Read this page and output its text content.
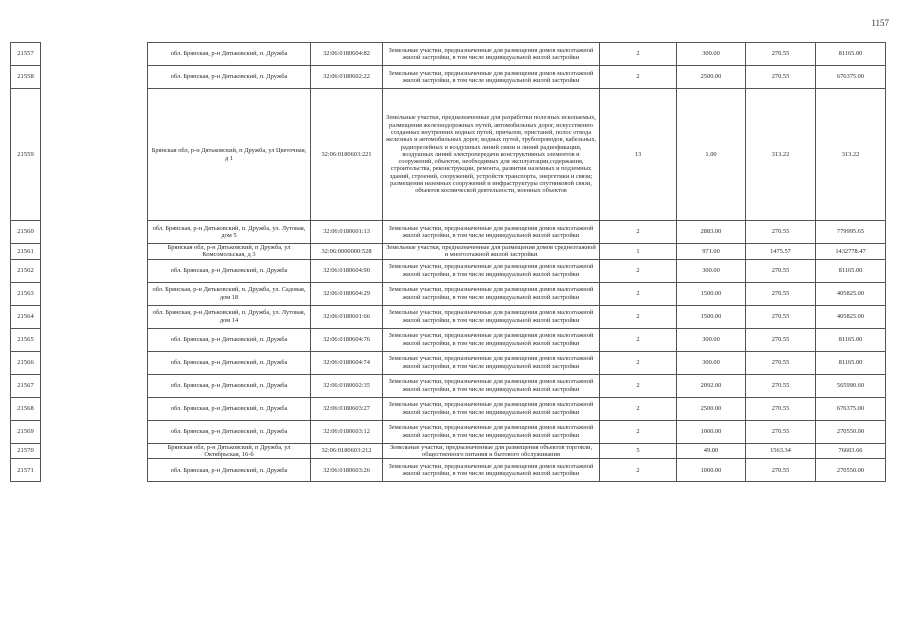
1157
21557		обл. Брянская, р-н Дятьковский, п. Дружба	32:06:0180604:82	Земельные участки, предназначенные для размещения домов малоэтажной жилой застройки, в том числе индивидуальной жилой застройки	2	300.00	270.55	81165.00
21558		обл. Брянская, р-н Дятьковский, п. Дружба	32:06:0180602:22	Земельные участки, предназначенные для размещения домов малоэтажной жилой застройки, в том числе индивидуальной жилой застройки	2	2500.00	270.55	676375.00
21559		Брянская обл, р-н Дятьковский, п Дружба, ул Цветочная, д 1	32:06:0180603:221	Земельные участки, предназначенные для разработки полезных ископаемых, размещения железнодорожных путей, автомобильных дорог, искусственно созданных внутренних водных путей, причалов, пристаней, полос отвода железных и автомобильных дорог, водных путей, трубопроводов, кабельных, радиорелейных и воздушных линий связи и линий радиофикации, воздушных линий электропередачи конструктивных элементов и сооружений, объектов, необходимых для эксплуатации,содержания, строительства, реконструкции, ремонта, развития наземных и подземных зданий, строений, сооружений, устройств транспорта, энергетики и связи; размещения наземных сооружений и инфраструктуры спутниковой связи, объектов космической деятельности, военных объектов	13	1.00	313.22	313.22
21560		обл. Брянская, р-н Дятьковский, п. Дружба, ул. Лутовая, дом 5	32:06:0180601:13	Земельные участки, предназначенные для размещения домов малоэтажной жилой застройки, в том числе индивидуальной жилой застройки	2	2883.00	270.55	779995.65
21561		Брянская обл, р-н Дятьковский, п Дружба, ул Комсомольская, д 3	32:06:0000000:528	Земельные участки, предназначенные для размещения домов среднеэтажной и многоэтажной жилой застройки	1	971.00	1475.57	1432778.47
21562		обл. Брянская, р-н Дятьковский, п. Дружба	32:06:0180604:90	Земельные участки, предназначенные для размещения домов малоэтажной жилой застройки, в том числе индивидуальной жилой застройки	2	300.00	270.55	81165.00
21563		обл. Брянская, р-н Дятьковский, п. Дружба, ул. Садовая, дом 18	32:06:0180604:29	Земельные участки, предназначенные для размещения домов малоэтажной жилой застройки, в том числе индивидуальной жилой застройки	2	1500.00	270.55	405825.00
21564		обл. Брянская, р-н Дятьковский, п. Дружба, ул. Лутовая, дом 14	32:06:0180601:66	Земельные участки, предназначенные для размещения домов малоэтажной жилой застройки, в том числе индивидуальной жилой застройки	2	1500.00	270.55	405825.00
21565		обл. Брянская, р-н Дятьковский, п. Дружба	32:06:0180604:76	Земельные участки, предназначенные для размещения домов малоэтажной жилой застройки, в том числе индивидуальной жилой застройки	2	300.00	270.55	81165.00
21566		обл. Брянская, р-н Дятьковский, п. Дружба	32:06:0180604:74	Земельные участки, предназначенные для размещения домов малоэтажной жилой застройки, в том числе индивидуальной жилой застройки	2	300.00	270.55	81165.00
21567		обл. Брянская, р-н Дятьковский, п. Дружба	32:06:0180602:35	Земельные участки, предназначенные для размещения домов малоэтажной жилой застройки, в том числе индивидуальной жилой застройки	2	2092.00	270.55	565990.60
21568		обл. Брянская, р-н Дятьковский, п. Дружба	32:06:0180603:27	Земельные участки, предназначенные для размещения домов малоэтажной жилой застройки, в том числе индивидуальной жилой застройки	2	2500.00	270.55	676375.00
21569		обл. Брянская, р-н Дятьковский, п. Дружба	32:06:0180603:12	Земельные участки, предназначенные для размещения домов малоэтажной жилой застройки, в том числе индивидуальной жилой застройки	2	1000.00	270.55	270550.00
21570		Брянская обл, р-н Дятьковский, п Дружба, ул Октябрьская, 16-б	32:06:0180603:212	Земельные участки, предназначенные для размещения объектов торговли, общественного питания и бытового обслуживания	5	49.00	1563.34	76603.66
21571		обл. Брянская, р-н Дятьковский, п. Дружба	32:06:0180603:26	Земельные участки, предназначенные для размещения домов малоэтажной жилой застройки, в том числе индивидуальной жилой застройки	2	1000.00	270.55	270550.00
